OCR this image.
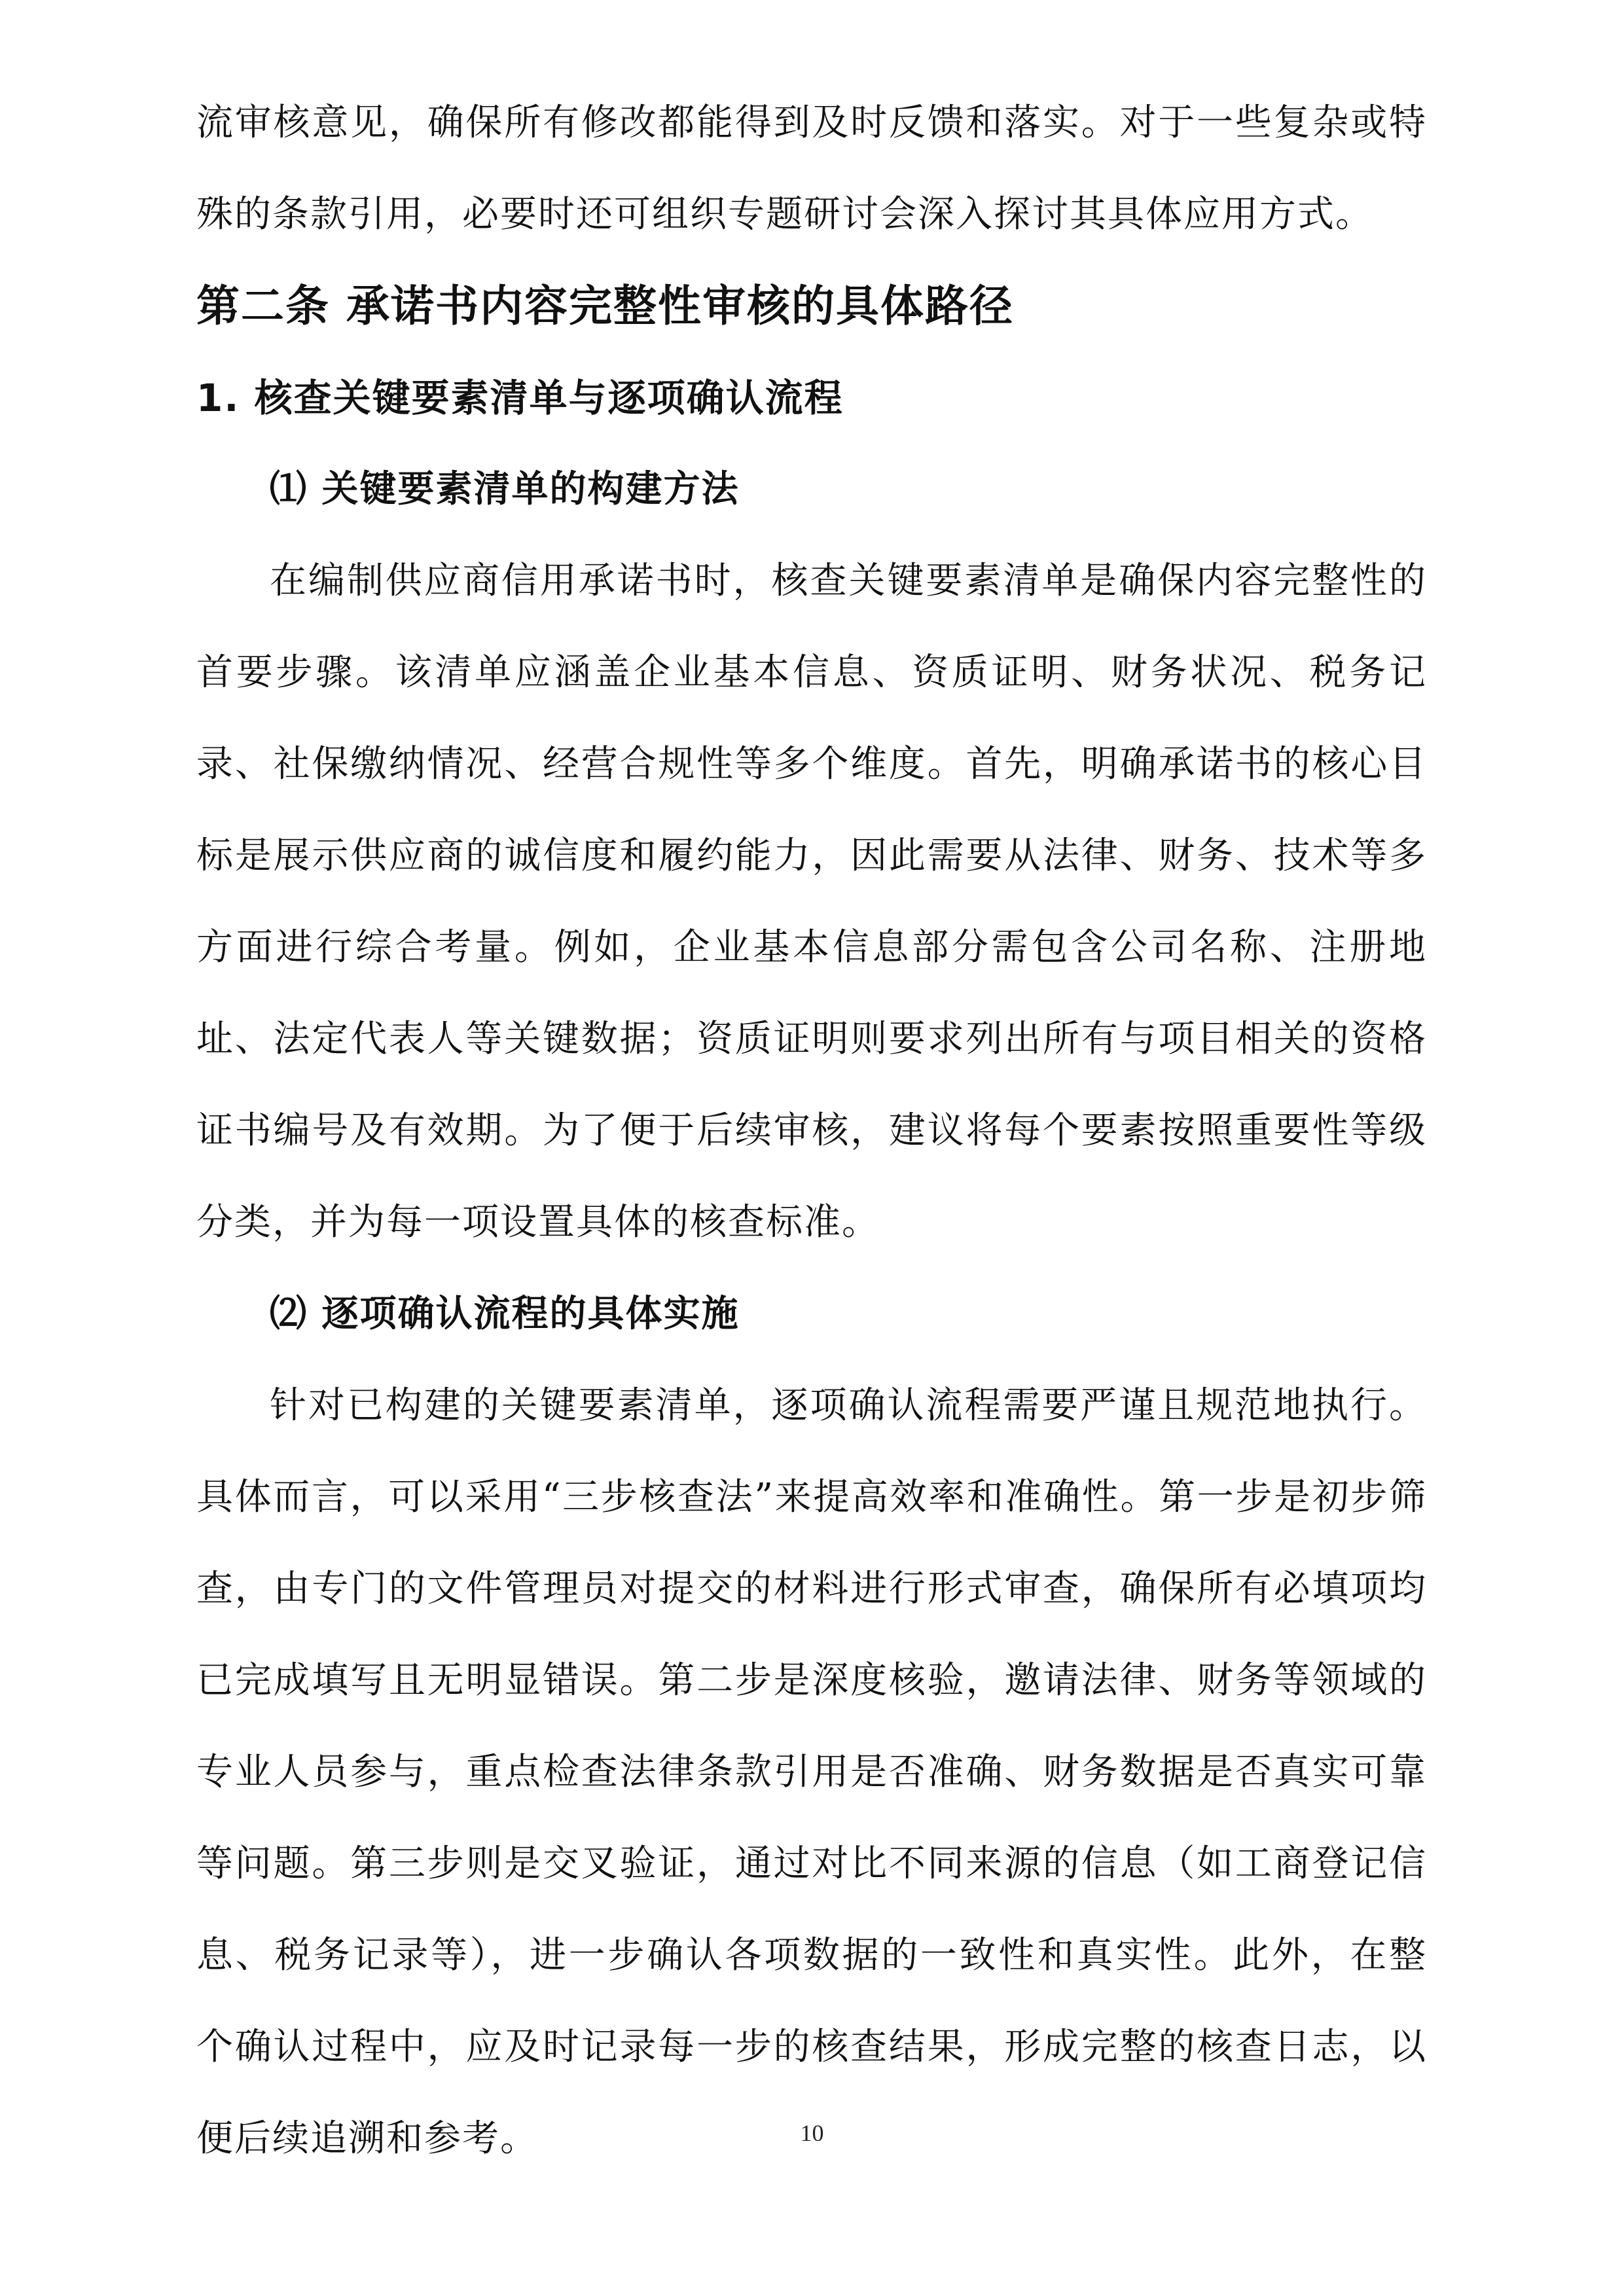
流审核意见，确保所有修改都能得到及时反馈和落实。对于一些复杂或特殊的条款引用，必要时还可组织专题研讨会深入探讨其具体应用方式。

第二条 承诺书内容完整性审核的具体路径
1. 核查关键要素清单与逐项确认流程
⑴ 关键要素清单的构建方法

在编制供应商信用承诺书时，核查关键要素清单是确保内容完整性的首要步骤。该清单应涵盖企业基本信息、资质证明、财务状况、税务记录、社保缴纳情况、经营合规性等多个维度。首先，明确承诺书的核心目标是展示供应商的诚信度和履约能力，因此需要从法律、财务、技术等多方面进行综合考量。例如，企业基本信息部分需包含公司名称、注册地址、法定代表人等关键数据；资质证明则要求列出所有与项目相关的资格证书编号及有效期。为了便于后续审核，建议将每个要素按照重要性等级分类，并为每一项设置具体的核查标准。

⑵ 逐项确认流程的具体实施

针对已构建的关键要素清单，逐项确认流程需要严谨且规范地执行。具体而言，可以采用“三步核查法”来提高效率和准确性。第一步是初步筛查，由专门的文件管理员对提交的材料进行形式审查，确保所有必填项均已完成填写且无明显错误。第二步是深度核验，邀请法律、财务等领域的专业人员参与，重点检查法律条款引用是否准确、财务数据是否真实可靠等问题。第三步则是交叉验证，通过对比不同来源的信息（如工商登记信息、税务记录等），进一步确认各项数据的一致性和真实性。此外，在整个确认过程中，应及时记录每一步的核查结果，形成完整的核查日志，以便后续追溯和参考。	10
